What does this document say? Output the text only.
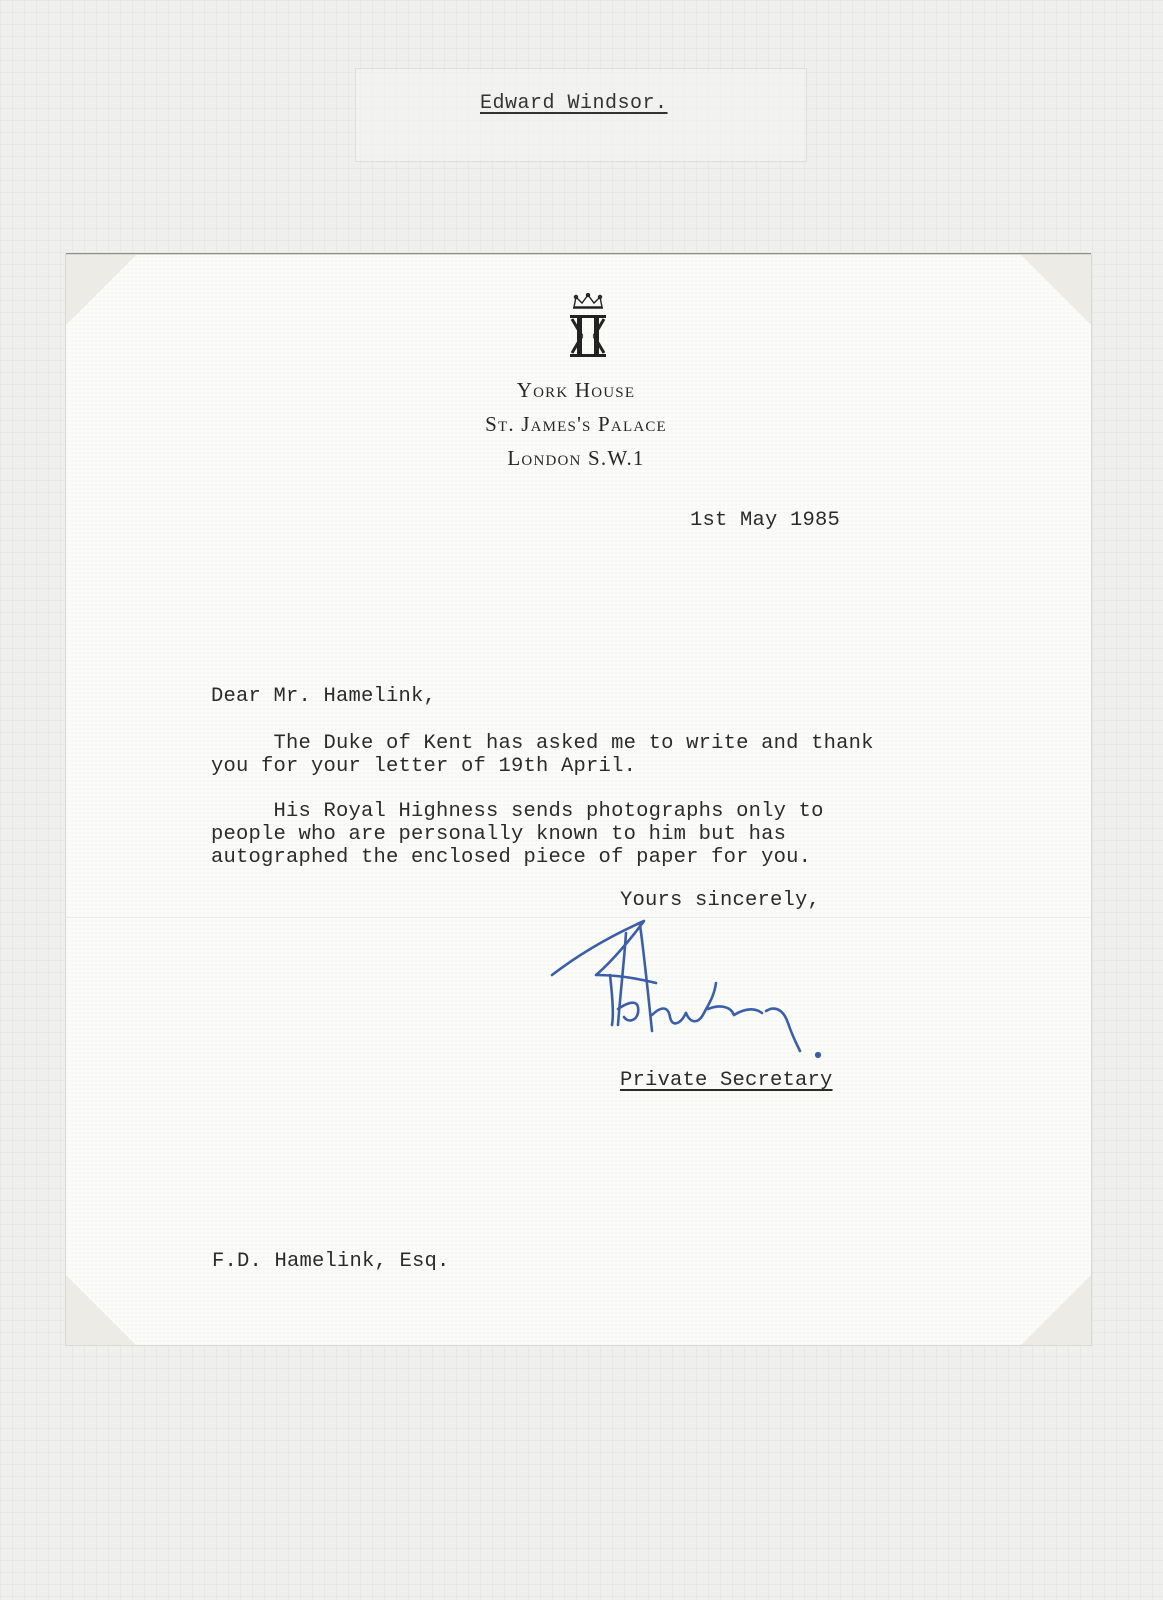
Edward Windsor.
York House
St. James's Palace
London S.W.1
1st May 1985
Dear Mr. Hamelink,
The Duke of Kent has asked me to write and thank
you for your letter of 19th April.
His Royal Highness sends photographs only to
people who are personally known to him but has
autographed the enclosed piece of paper for you.
Yours sincerely,
Private Secretary
F.D. Hamelink, Esq.
